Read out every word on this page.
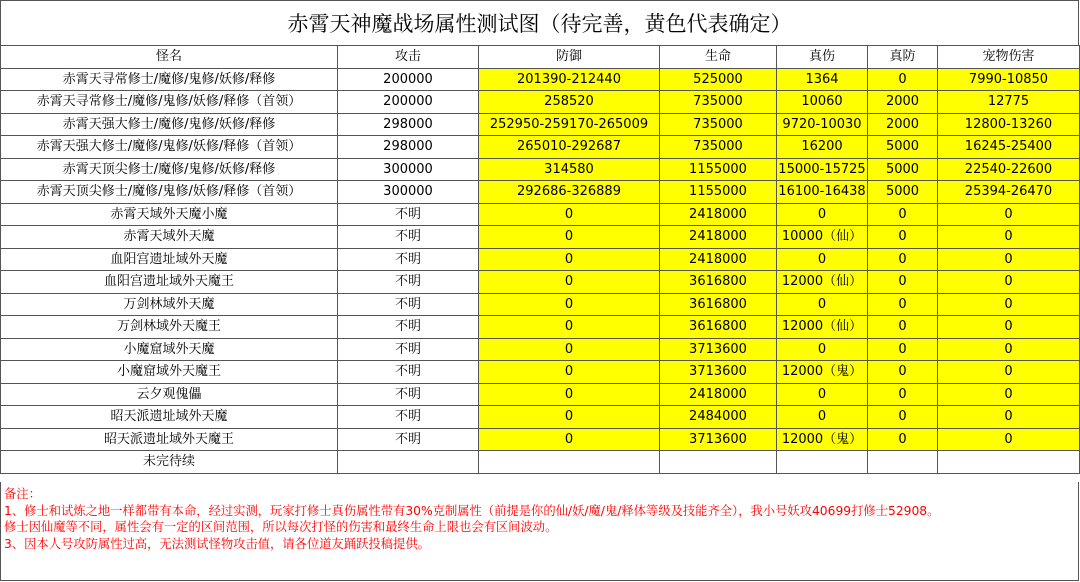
赤霄天神魔战场属性测试图（待完善，黄色代表确定）
怪名	攻击	防御	生命	真伤	真防	宠物伤害
赤霄天寻常修士/魔修/鬼修/妖修/释修	200000	201390-212440	525000	1364	0	7990-10850
赤霄天寻常修士/魔修/鬼修/妖修/释修（首领）	200000	258520	735000	10060	2000	12775
赤霄天强大修士/魔修/鬼修/妖修/释修	298000	252950-259170-265009	735000	9720-10030	2000	12800-13260
赤霄天强大修士/魔修/鬼修/妖修/释修（首领）	298000	265010-292687	735000	16200	5000	16245-25400
赤霄天顶尖修士/魔修/鬼修/妖修/释修	300000	314580	1155000	15000-15725	5000	22540-22600
赤霄天顶尖修士/魔修/鬼修/妖修/释修（首领）	300000	292686-326889	1155000	16100-16438	5000	25394-26470
赤霄天域外天魔小魔	不明	0	2418000	0	0	0
赤霄天域外天魔	不明	0	2418000	10000（仙）	0	0
血阳宫遗址域外天魔	不明	0	2418000	0	0	0
血阳宫遗址域外天魔王	不明	0	3616800	12000（仙）	0	0
万剑林域外天魔	不明	0	3616800	0	0	0
万剑林域外天魔王	不明	0	3616800	12000（仙）	0	0
小魔窟域外天魔	不明	0	3713600	0	0	0
小魔窟域外天魔王	不明	0	3713600	12000（鬼）	0	0
云夕观傀儡	不明	0	2418000	0	0	0
昭天派遗址域外天魔	不明	0	2484000	0	0	0
昭天派遗址域外天魔王	不明	0	3713600	12000（鬼）	0	0
未完待续						
备注：
1、修士和试炼之地一样都带有本命，经过实测，玩家打修士真伤属性带有30%克制属性（前提是你的仙/妖/魔/鬼/释体等级及技能齐全），我小号妖攻40699打修士52908。
修士因仙魔等不同，属性会有一定的区间范围，所以每次打怪的伤害和最终生命上限也会有区间波动。
3、因本人号攻防属性过高，无法测试怪物攻击值，请各位道友踊跃投稿提供。
